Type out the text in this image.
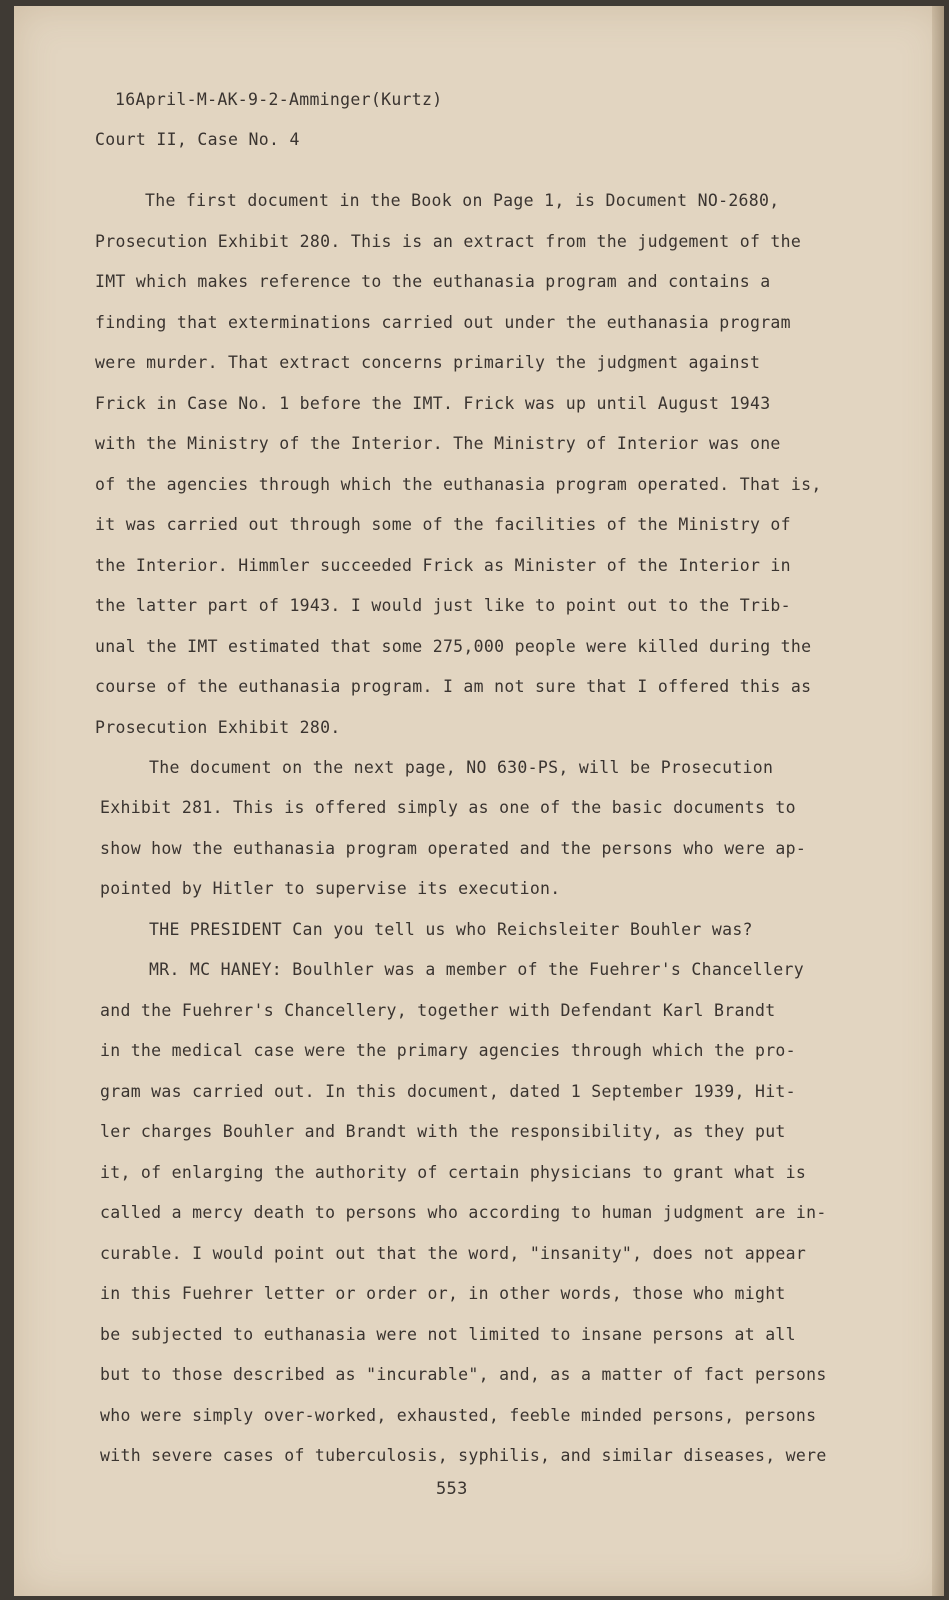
16April-M-AK-9-2-Amminger(Kurtz)
Court II, Case No. 4
The first document in the Book on Page 1, is Document NO-2680,
Prosecution Exhibit 280. This is an extract from the judgement of the
IMT which makes reference to the euthanasia program and contains a
finding that exterminations carried out under the euthanasia program
were murder. That extract concerns primarily the judgment against
Frick in Case No. 1 before the IMT. Frick was up until August 1943
with the Ministry of the Interior. The Ministry of Interior was one
of the agencies through which the euthanasia program operated. That is,
it was carried out through some of the facilities of the Ministry of
the Interior. Himmler succeeded Frick as Minister of the Interior in
the latter part of 1943. I would just like to point out to the Trib-
unal the IMT estimated that some 275,000 people were killed during the
course of the euthanasia program. I am not sure that I offered this as
Prosecution Exhibit 280.
The document on the next page, NO 630-PS, will be Prosecution
Exhibit 281. This is offered simply as one of the basic documents to
show how the euthanasia program operated and the persons who were ap-
pointed by Hitler to supervise its execution.
THE PRESIDENT Can you tell us who Reichsleiter Bouhler was?
MR. MC HANEY: Boulhler was a member of the Fuehrer's Chancellery
and the Fuehrer's Chancellery, together with Defendant Karl Brandt
in the medical case were the primary agencies through which the pro-
gram was carried out. In this document, dated 1 September 1939, Hit-
ler charges Bouhler and Brandt with the responsibility, as they put
it, of enlarging the authority of certain physicians to grant what is
called a mercy death to persons who according to human judgment are in-
curable. I would point out that the word, "insanity", does not appear
in this Fuehrer letter or order or, in other words, those who might
be subjected to euthanasia were not limited to insane persons at all
but to those described as "incurable", and, as a matter of fact persons
who were simply over-worked, exhausted, feeble minded persons, persons
with severe cases of tuberculosis, syphilis, and similar diseases, were
553
